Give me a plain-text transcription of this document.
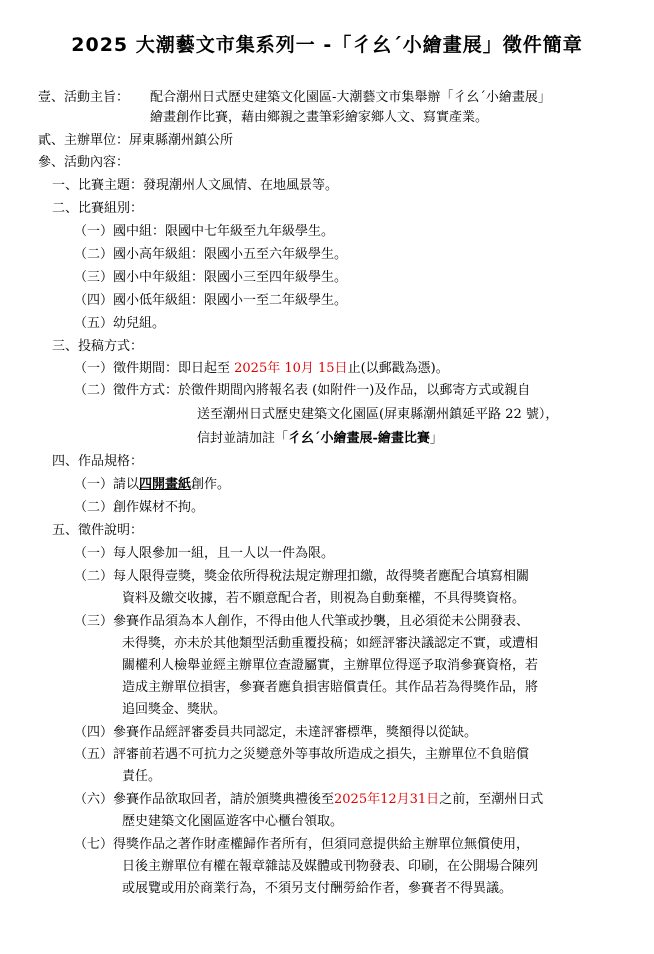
2025 大潮藝文市集系列一 -「彳幺ˊ小繪畫展」徵件簡章
壹、活動主旨： 配合潮州日式歷史建築文化園區-大潮藝文市集舉辦「彳幺ˊ小繪畫展」
繪畫創作比賽，藉由鄉親之畫筆彩繪家鄉人文、寫實產業。
貳、主辦單位：屏東縣潮州鎮公所
參、活動內容：
一、比賽主題：發現潮州人文風情、在地風景等。
二、比賽組別：
（一）國中組：限國中七年級至九年級學生。
（二）國小高年級組：限國小五至六年級學生。
（三）國小中年級組：限國小三至四年級學生。
（四）國小低年級組：限國小一至二年級學生。
（五）幼兒組。
三、投稿方式：
（一）徵件期間：即日起至 2025年 10月 15日止(以郵戳為憑)。
（二）徵件方式：於徵件期間內將報名表 (如附件一)及作品，以郵寄方式或親自
送至潮州日式歷史建築文化園區(屏東縣潮州鎮延平路 22 號），
信封並請加註「彳幺ˊ小繪畫展-繪畫比賽」
四、作品規格：
（一）請以四開畫紙創作。
（二）創作媒材不拘。
五、徵件說明：
（一）每人限參加一組，且一人以一件為限。
（二）每人限得壹獎，獎金依所得稅法規定辦理扣繳，故得獎者應配合填寫相關
資料及繳交收據，若不願意配合者，則視為自動棄權，不具得獎資格。
（三）參賽作品須為本人創作，不得由他人代筆或抄襲，且必須從未公開發表、
未得獎，亦未於其他類型活動重覆投稿；如經評審決議認定不實，或遭相
關權利人檢舉並經主辦單位查證屬實，主辦單位得逕予取消參賽資格，若
造成主辦單位損害，參賽者應負損害賠償責任。其作品若為得獎作品，將
追回獎金、獎狀。
（四）參賽作品經評審委員共同認定，未達評審標準，獎額得以從缺。
（五）評審前若遇不可抗力之災變意外等事故所造成之損失，主辦單位不負賠償
責任。
（六）參賽作品欲取回者，請於頒獎典禮後至2025年12月31日之前，至潮州日式
歷史建築文化園區遊客中心櫃台領取。
（七）得獎作品之著作財產權歸作者所有，但須同意提供給主辦單位無償使用，
日後主辦單位有權在報章雜誌及媒體或刊物發表、印刷，在公開場合陳列
或展覽或用於商業行為，不須另支付酬勞給作者，參賽者不得異議。
